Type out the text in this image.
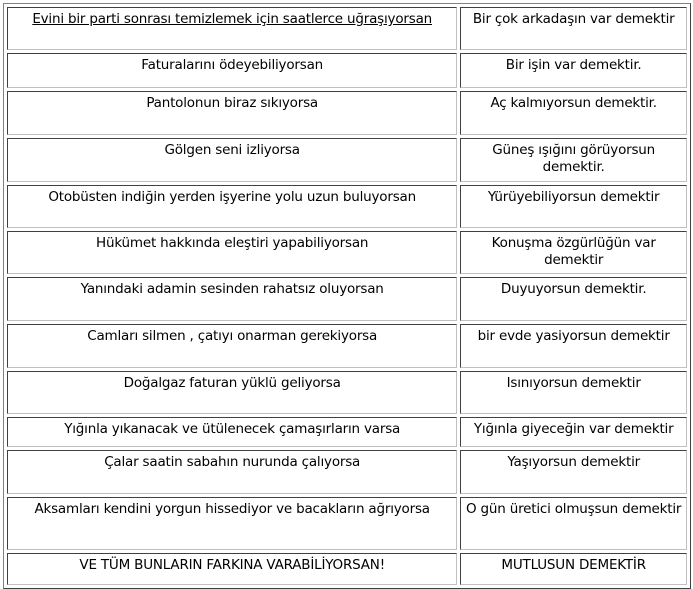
Evini bir parti sonrası temizlemek için saatlerce uğraşıyorsan	Bir çok arkadaşın var demektir
Faturalarını ödeyebiliyorsan	Bir işin var demektir.
Pantolonun biraz sıkıyorsa	Aç kalmıyorsun demektir.
Gölgen seni izliyorsa	Güneş ışığını görüyorsun demektir.
Otobüsten indiğin yerden işyerine yolu uzun buluyorsan	Yürüyebiliyorsun demektir
Hükümet hakkında eleştiri yapabiliyorsan	Konuşma özgürlüğün var demektir
Yanındaki adamin sesinden rahatsız oluyorsan	Duyuyorsun demektir.
Camları silmen , çatıyı onarman gerekiyorsa	bir evde yasiyorsun demektir
Doğalgaz faturan yüklü geliyorsa	Isınıyorsun demektir
Yığınla yıkanacak ve ütülenecek çamaşırların varsa	Yığınla giyeceğin var demektir
Çalar saatin sabahın nurunda çalıyorsa	Yaşıyorsun demektir
Aksamları kendini yorgun hissediyor ve bacakların ağrıyorsa	O gün üretici olmuşsun demektir
VE TÜM BUNLARIN FARKINA VARABİLİYORSAN!	MUTLUSUN DEMEKTİR
